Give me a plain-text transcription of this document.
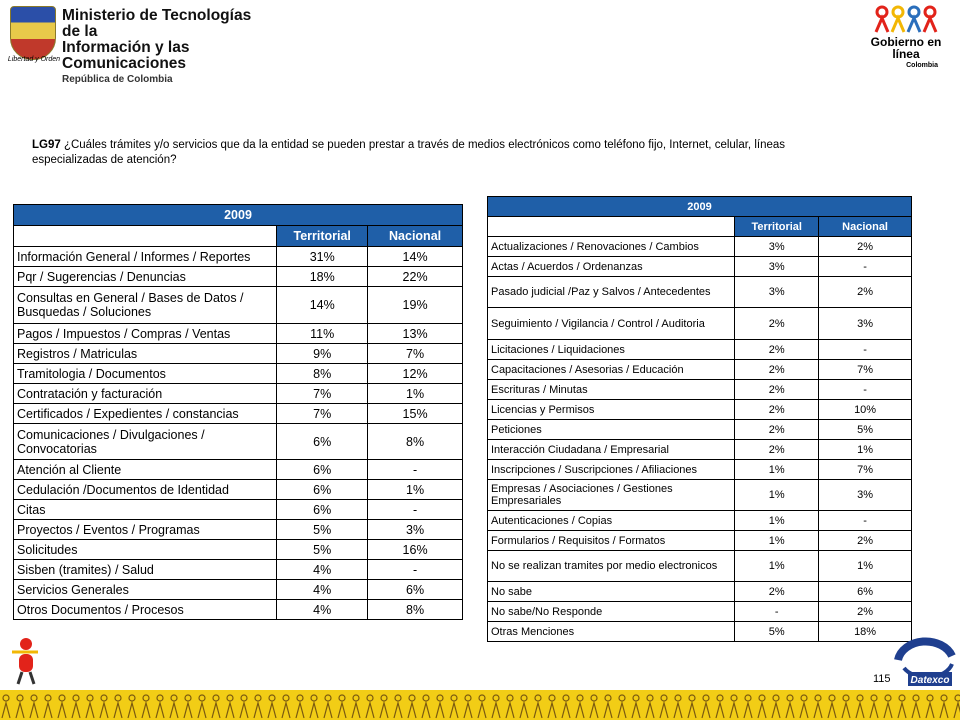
Libertad y Orden
Ministerio de Tecnologías de la
Información y las Comunicaciones
República de Colombia
Gobierno en línea
Colombia
LG97 ¿Cuáles trámites y/o servicios que da la entidad se pueden prestar a través de medios electrónicos como teléfono fijo, Internet, celular, líneas especializadas de atención?
2009		
	Territorial	Nacional
Información General / Informes / Reportes	31%	14%
Pqr / Sugerencias / Denuncias	18%	22%
Consultas en General / Bases de Datos / Busquedas / Soluciones	14%	19%
Pagos / Impuestos / Compras / Ventas	11%	13%
Registros / Matriculas	9%	7%
Tramitologia / Documentos	8%	12%
Contratación y facturación	7%	1%
Certificados / Expedientes / constancias	7%	15%
Comunicaciones / Divulgaciones / Convocatorias	6%	8%
Atención al Cliente	6%	-
Cedulación /Documentos de Identidad	6%	1%
Citas	6%	-
Proyectos / Eventos / Programas	5%	3%
Solicitudes	5%	16%
Sisben (tramites) / Salud	4%	-
Servicios Generales	4%	6%
Otros Documentos / Procesos	4%	8%
2009		
	Territorial	Nacional
Actualizaciones / Renovaciones / Cambios	3%	2%
Actas / Acuerdos / Ordenanzas	3%	-
Pasado judicial /Paz y Salvos / Antecedentes	3%	2%
Seguimiento / Vigilancia / Control / Auditoria	2%	3%
Licitaciones / Liquidaciones	2%	-
Capacitaciones / Asesorias / Educación	2%	7%
Escrituras / Minutas	2%	-
Licencias y Permisos	2%	10%
Peticiones	2%	5%
Interacción Ciudadana / Empresarial	2%	1%
Inscripciones / Suscripciones / Afiliaciones	1%	7%
Empresas / Asociaciones / Gestiones Empresariales	1%	3%
Autenticaciones / Copias	1%	-
Formularios / Requisitos / Formatos	1%	2%
No se realizan tramites por medio electronicos	1%	1%
No sabe	2%	6%
No sabe/No Responde	-	2%
Otras Menciones	5%	18%
Datexco
115
